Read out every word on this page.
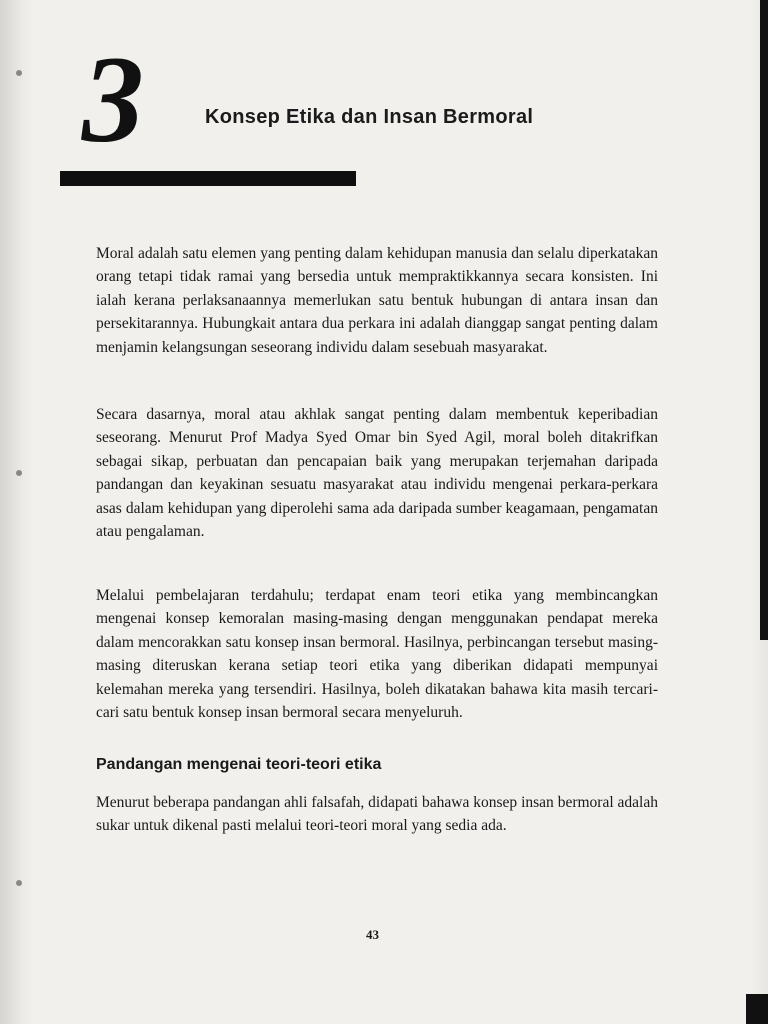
3	Konsep Etika dan Insan Bermoral

Moral adalah satu elemen yang penting dalam kehidupan manusia dan selalu diperkatakan orang tetapi tidak ramai yang bersedia untuk mempraktikkannya secara konsisten. Ini ialah kerana perlaksanaannya memerlukan satu bentuk hubungan di antara insan dan persekitarannya. Hubungkait antara dua perkara ini adalah dianggap sangat penting dalam menjamin kelangsungan seseorang individu dalam sesebuah masyarakat.

Secara dasarnya, moral atau akhlak sangat penting dalam membentuk keperibadian seseorang. Menurut Prof Madya Syed Omar bin Syed Agil, moral boleh ditakrifkan sebagai sikap, perbuatan dan pencapaian baik yang merupakan terjemahan daripada pandangan dan keyakinan sesuatu masyarakat atau individu mengenai perkara-perkara asas dalam kehidupan yang diperolehi sama ada daripada sumber keagamaan, pengamatan atau pengalaman.

Melalui pembelajaran terdahulu; terdapat enam teori etika yang membincangkan mengenai konsep kemoralan masing-masing dengan menggunakan pendapat mereka dalam mencorakkan satu konsep insan bermoral. Hasilnya, perbincangan tersebut masing-masing diteruskan kerana setiap teori etika yang diberikan didapati mempunyai kelemahan mereka yang tersendiri. Hasilnya, boleh dikatakan bahawa kita masih tercari-cari satu bentuk konsep insan bermoral secara menyeluruh.

Pandangan mengenai teori-teori etika

Menurut beberapa pandangan ahli falsafah, didapati bahawa konsep insan bermoral adalah sukar untuk dikenal pasti melalui teori-teori moral yang sedia ada.

43
